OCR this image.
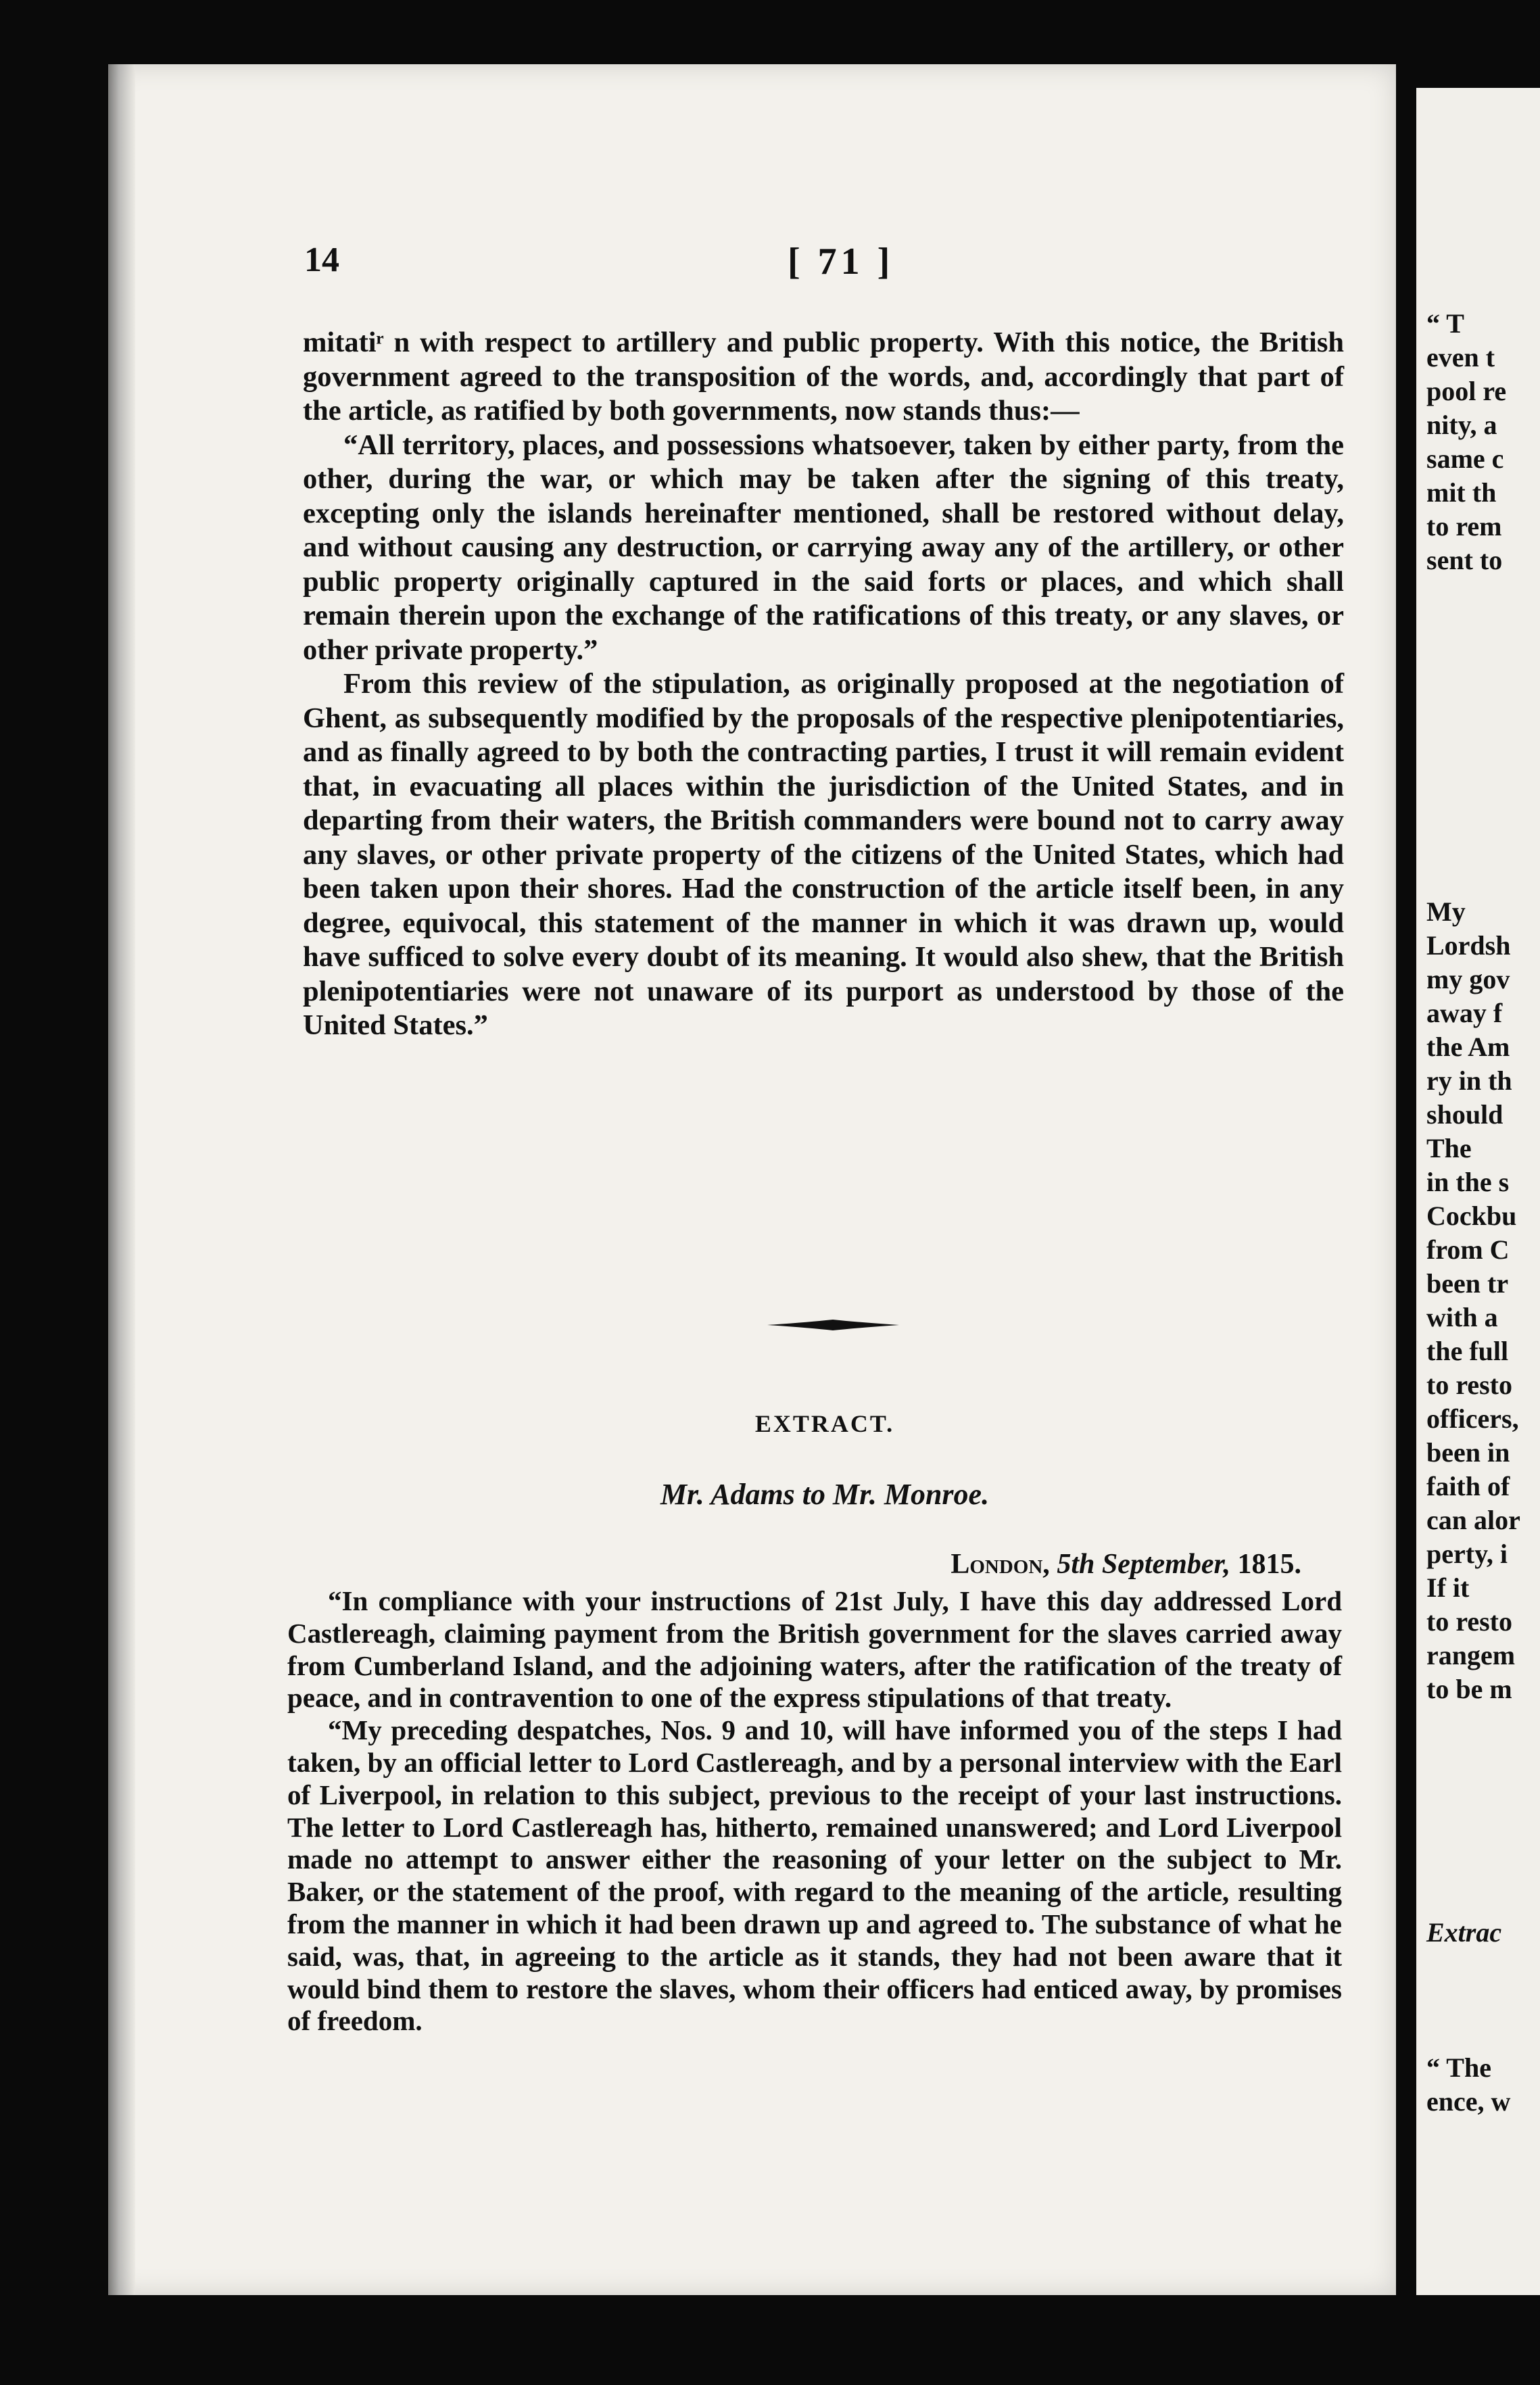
14	[ 71 ]

mitatiʳ n with respect to artillery and public property. With this notice, the British government agreed to the transposition of the words, and, accordingly that part of the article, as ratified by both governments, now stands thus:—

“All territory, places, and possessions whatsoever, taken by either party, from the other, during the war, or which may be taken after the signing of this treaty, excepting only the islands hereinafter mentioned, shall be restored without delay, and without causing any destruction, or carrying away any of the artillery, or other public property originally captured in the said forts or places, and which shall remain therein upon the exchange of the ratifications of this treaty, or any slaves, or other private property.”

From this review of the stipulation, as originally proposed at the negotiation of Ghent, as subsequently modified by the proposals of the respective plenipotentiaries, and as finally agreed to by both the contracting parties, I trust it will remain evident that, in evacuating all places within the jurisdiction of the United States, and in departing from their waters, the British commanders were bound not to carry away any slaves, or other private property of the citizens of the United States, which had been taken upon their shores. Had the construction of the article itself been, in any degree, equivocal, this statement of the manner in which it was drawn up, would have sufficed to solve every doubt of its meaning. It would also shew, that the British plenipotentiaries were not unaware of its purport as understood by those of the United States.”

EXTRACT.
Mr. Adams to Mr. Monroe.
London, 5th September, 1815.

“In compliance with your instructions of 21st July, I have this day addressed Lord Castlereagh, claiming payment from the British government for the slaves carried away from Cumberland Island, and the adjoining waters, after the ratification of the treaty of peace, and in contravention to one of the express stipulations of that treaty.

“My preceding despatches, Nos. 9 and 10, will have informed you of the steps I had taken, by an official letter to Lord Castlereagh, and by a personal interview with the Earl of Liverpool, in relation to this subject, previous to the receipt of your last instructions. The letter to Lord Castlereagh has, hitherto, remained unanswered; and Lord Liverpool made no attempt to answer either the reasoning of your letter on the subject to Mr. Baker, or the statement of the proof, with regard to the meaning of the article, resulting from the manner in which it had been drawn up and agreed to. The substance of what he said, was, that, in agreeing to the article as it stands, they had not been aware that it would bind them to restore the slaves, whom their officers had enticed away, by promises of freedom.

“ T
even t
pool re
nity, a
same c
mit th
to rem
sent to
My
Lordsh
my gov
away f
the Am
ry in th
should
The
in the s
Cockbu
from C
been tr
with a
the full
to resto
officers,
been in
faith of
can alor
perty, i
If it
to resto
rangem
to be m
Extrac
“ The
ence, w
